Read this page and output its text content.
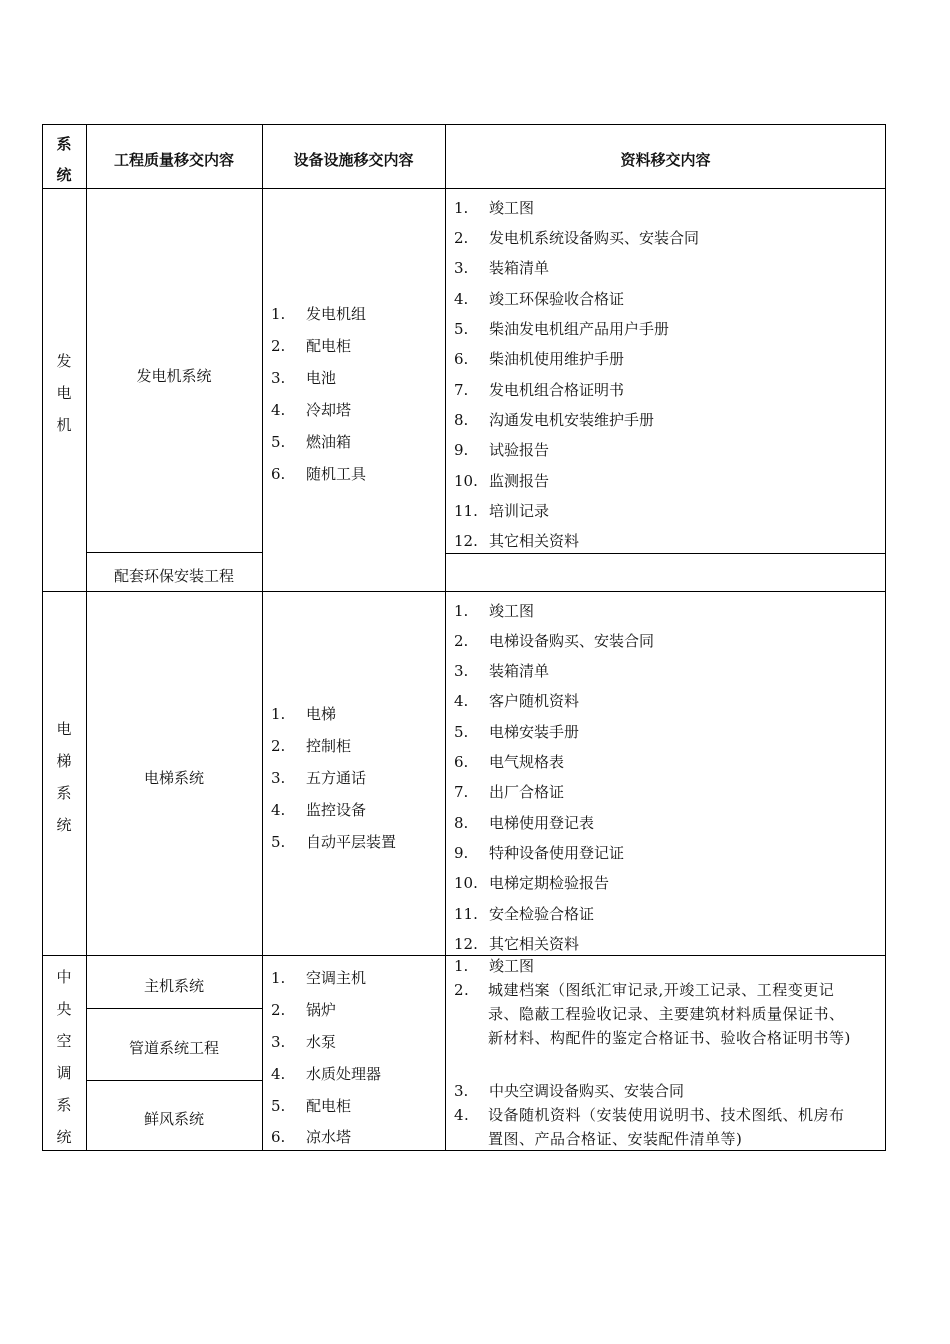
系统
工程质量移交内容	设备设施移交内容	资料移交内容
发电机
发电机系统
配套环保安装工程
1. 发电机组
2. 配电柜
3. 电池
4. 冷却塔
5. 燃油箱
6. 随机工具
1. 竣工图
2. 发电机系统设备购买、安装合同
3. 装箱清单
4. 竣工环保验收合格证
5. 柴油发电机组产品用户手册
6. 柴油机使用维护手册
7. 发电机组合格证明书
8. 沟通发电机安装维护手册
9. 试验报告
10. 监测报告
11. 培训记录
12. 其它相关资料
电梯系统
电梯系统
1. 电梯
2. 控制柜
3. 五方通话
4. 监控设备
5. 自动平层装置
1. 竣工图
2. 电梯设备购买、安装合同
3. 装箱清单
4. 客户随机资料
5. 电梯安装手册
6. 电气规格表
7. 出厂合格证
8. 电梯使用登记表
9. 特种设备使用登记证
10. 电梯定期检验报告
11. 安全检验合格证
12. 其它相关资料
中央空调系统
主机系统
管道系统工程
鲜风系统
1. 空调主机
2. 锅炉
3. 水泵
4. 水质处理器
5. 配电柜
6. 凉水塔
1. 竣工图
2. 城建档案（图纸汇审记录,开竣工记录、工程变更记录、隐蔽工程验收记录、主要建筑材料质量保证书、新材料、构配件的鉴定合格证书、验收合格证明书等)
3. 中央空调设备购买、安装合同
4. 设备随机资料（安装使用说明书、技术图纸、机房布置图、产品合格证、安装配件清单等)
